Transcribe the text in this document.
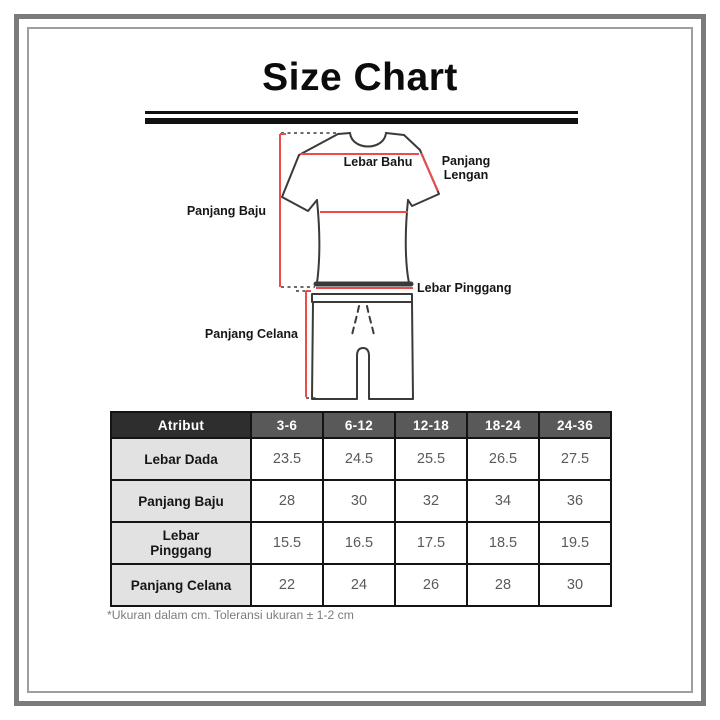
Size Chart
Lebar Bahu	Panjang Lengan
Panjang Baju
Lebar Pinggang
Panjang Celana
Atribut	3-6	6-12	12-18	18-24	24-36
Lebar Dada	23.5	24.5	25.5	26.5	27.5
Panjang Baju	28	30	32	34	36
Lebar Pinggang	15.5	16.5	17.5	18.5	19.5
Panjang Celana	22	24	26	28	30
*Ukuran dalam cm. Toleransi ukuran ± 1-2 cm
